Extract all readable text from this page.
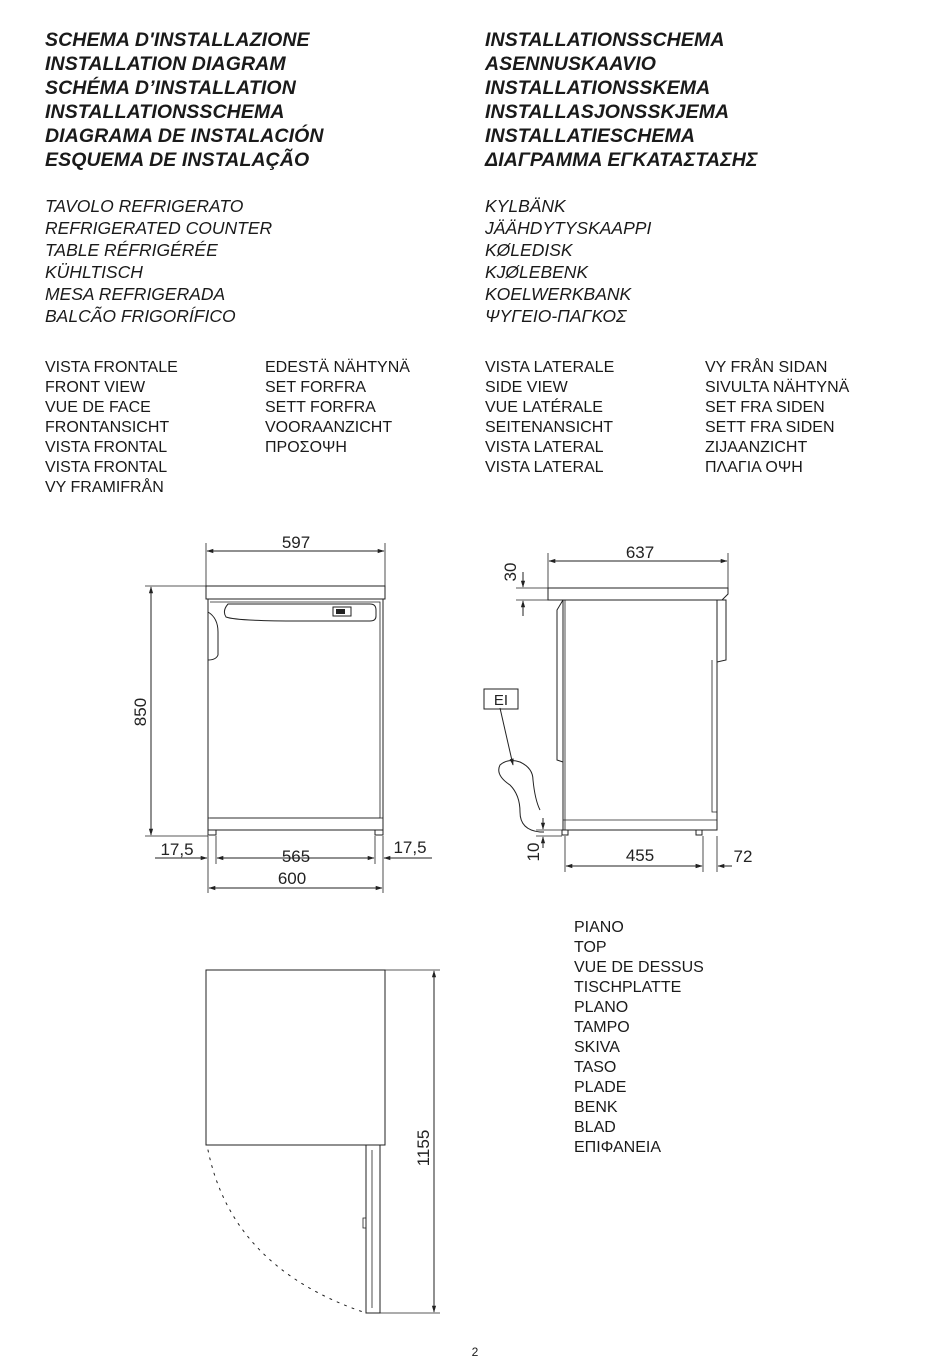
SCHEMA D'INSTALLAZIONE
INSTALLATION DIAGRAM
SCHÉMA D’INSTALLATION
INSTALLATIONSSCHEMA
DIAGRAMA DE INSTALACIÓN
ESQUEMA DE INSTALAÇÃO
INSTALLATIONSSCHEMA
ASENNUSKAAVIO
INSTALLATIONSSKEMA
INSTALLASJONSSKJEMA
INSTALLATIESCHEMA
ΔΙΑΓΡΑΜΜΑ ΕΓΚΑΤΑΣΤΑΣΗΣ
TAVOLO REFRIGERATO
REFRIGERATED COUNTER
TABLE RÉFRIGÉRÉE
KÜHLTISCH
MESA REFRIGERADA
BALCÃO FRIGORÍFICO
KYLBÄNK
JÄÄHDYTYSKAAPPI
KØLEDISK
KJØLEBENK
KOELWERKBANK
ΨΥΓΕΙΟ-ΠΑΓΚΟΣ
VISTA FRONTALE
FRONT VIEW
VUE DE FACE
FRONTANSICHT
VISTA FRONTAL
VISTA FRONTAL
VY FRAMIFRÅN
EDESTÄ NÄHTYNÄ
SET FORFRA
SETT FORFRA
VOORAANZICHT
ΠΡΟΣΟΨΗ
VISTA LATERALE
SIDE VIEW
VUE LATÉRALE
SEITENANSICHT
VISTA LATERAL
VISTA LATERAL
VY FRÅN SIDAN
SIVULTA NÄHTYNÄ
SET FRA SIDEN
SETT FRA SIDEN
ZIJAANZICHT
ΠΛΑΓΙΑ ΟΨΗ
PIANO
TOP
VUE DE DESSUS
TISCHPLATTE
PLANO
TAMPO
SKIVA
TASO
PLADE
BENK
BLAD
ΕΠΙΦΑΝΕΙΑ
597
850
17,5	565	17,5
600
637
30
EI
10	455	72
1155
2
